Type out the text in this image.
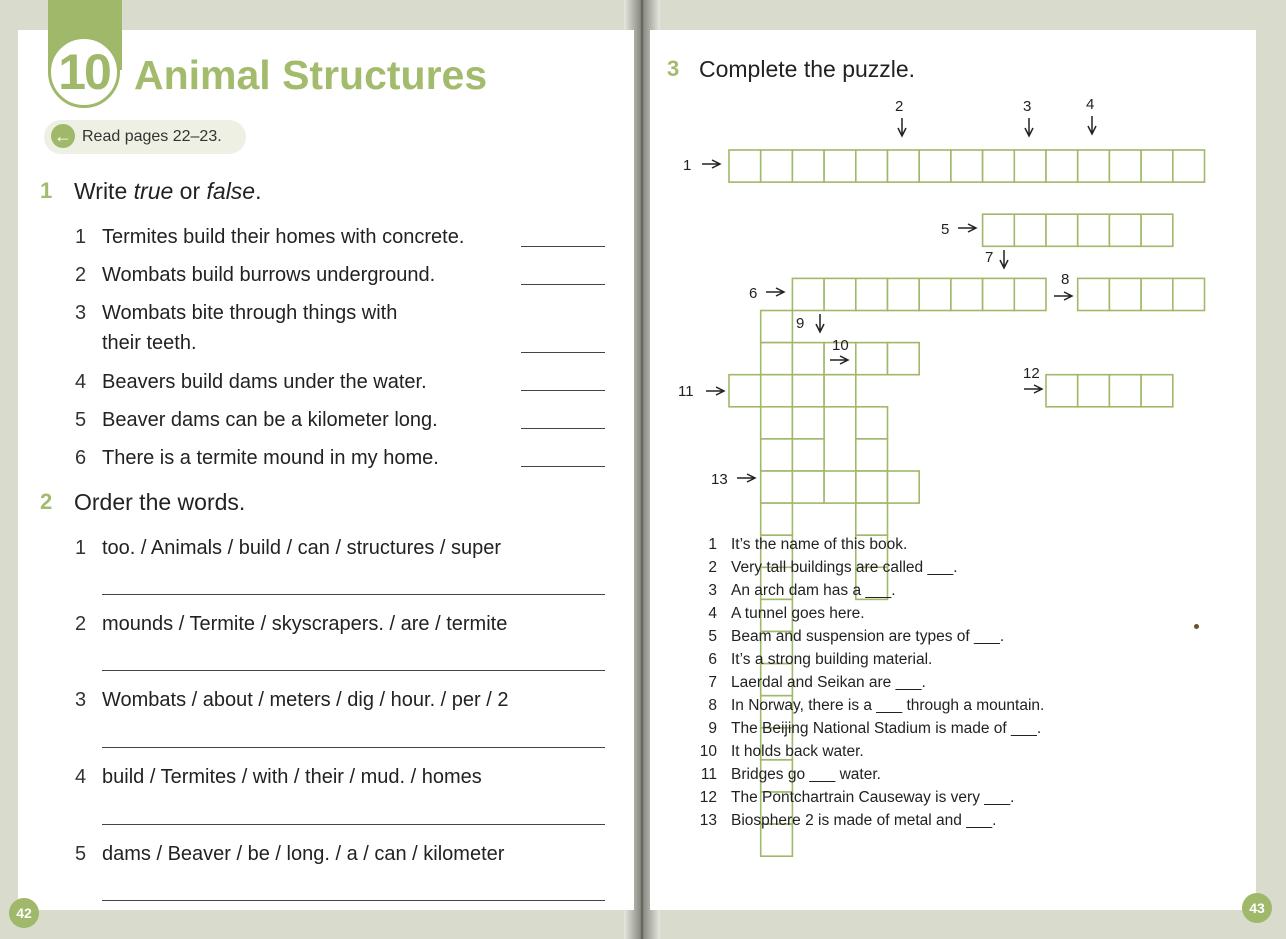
10 Animal Structures
← Read pages 22–23.
1 Write true or false.
1 Termites build their homes with concrete.
2 Wombats build burrows underground.
3 Wombats bite through things with
their teeth.
4 Beavers build dams under the water.
5 Beaver dams can be a kilometer long.
6 There is a termite mound in my home.
2 Order the words.
1 too. / Animals / build / can / structures / super
2 mounds / Termite / skyscrapers. / are / termite
3 Wombats / about / meters / dig / hour. / per / 2
4 build / Termites / with / their / mud. / homes
5 dams / Beaver / be / long. / a / can / kilometer
42
3 Complete the puzzle.
1
5
6
8
10
11
12
13
2	3	4
7
9
1 It’s the name of this book.
2 Very tall buildings are called ___.
3 An arch dam has a ___.
4 A tunnel goes here.
5 Beam and suspension are types of ___.
6 It’s a strong building material.
7 Laerdal and Seikan are ___.
8 In Norway, there is a ___ through a mountain.
9 The Beijing National Stadium is made of ___.
10 It holds back water.
11 Bridges go ___ water.
12 The Pontchartrain Causeway is very ___.
13 Biosphere 2 is made of metal and ___.
43
